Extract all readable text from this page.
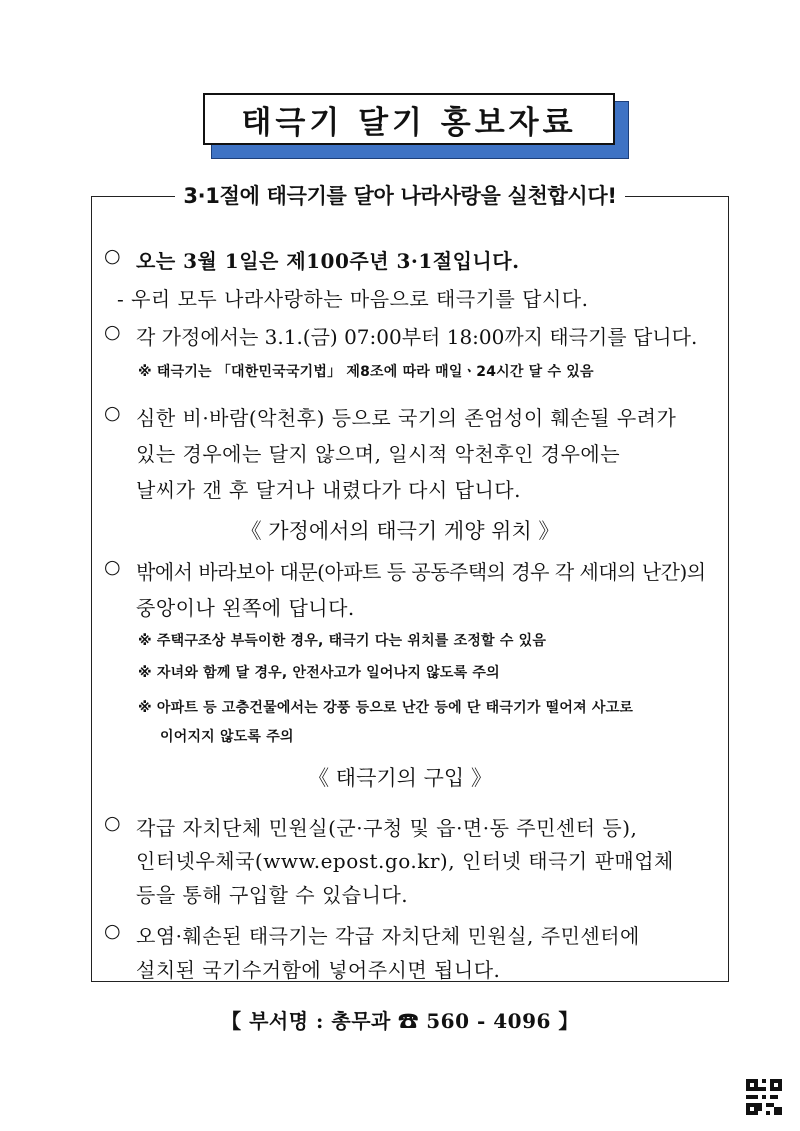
태극기 달기 홍보자료
3·1절에 태극기를 달아 나라사랑을 실천합시다!
○ 오는 3월 1일은 제100주년 3·1절입니다.
- 우리 모두 나라사랑하는 마음으로 태극기를 답시다.
○ 각 가정에서는 3.1.(금) 07:00부터 18:00까지 태극기를 답니다.
※ 태극기는 「대한민국국기법」 제8조에 따라 매일ㆍ24시간 달 수 있음
○ 심한 비·바람(악천후) 등으로 국기의 존엄성이 훼손될 우려가
있는 경우에는 달지 않으며, 일시적 악천후인 경우에는
날씨가 갠 후 달거나 내렸다가 다시 답니다.
《 가정에서의 태극기 게양 위치 》
○ 밖에서 바라보아 대문(아파트 등 공동주택의 경우 각 세대의 난간)의
중앙이나 왼쪽에 답니다.
※ 주택구조상 부득이한 경우, 태극기 다는 위치를 조정할 수 있음
※ 자녀와 함께 달 경우, 안전사고가 일어나지 않도록 주의
※ 아파트 등 고층건물에서는 강풍 등으로 난간 등에 단 태극기가 떨어져 사고로
이어지지 않도록 주의
《 태극기의 구입 》
○ 각급 자치단체 민원실(군·구청 및 읍·면·동 주민센터 등),
인터넷우체국(www.epost.go.kr), 인터넷 태극기 판매업체
등을 통해 구입할 수 있습니다.
○ 오염·훼손된 태극기는 각급 자치단체 민원실, 주민센터에
설치된 국기수거함에 넣어주시면 됩니다.
【 부서명 : 총무과 ☎ 560 - 4096 】
